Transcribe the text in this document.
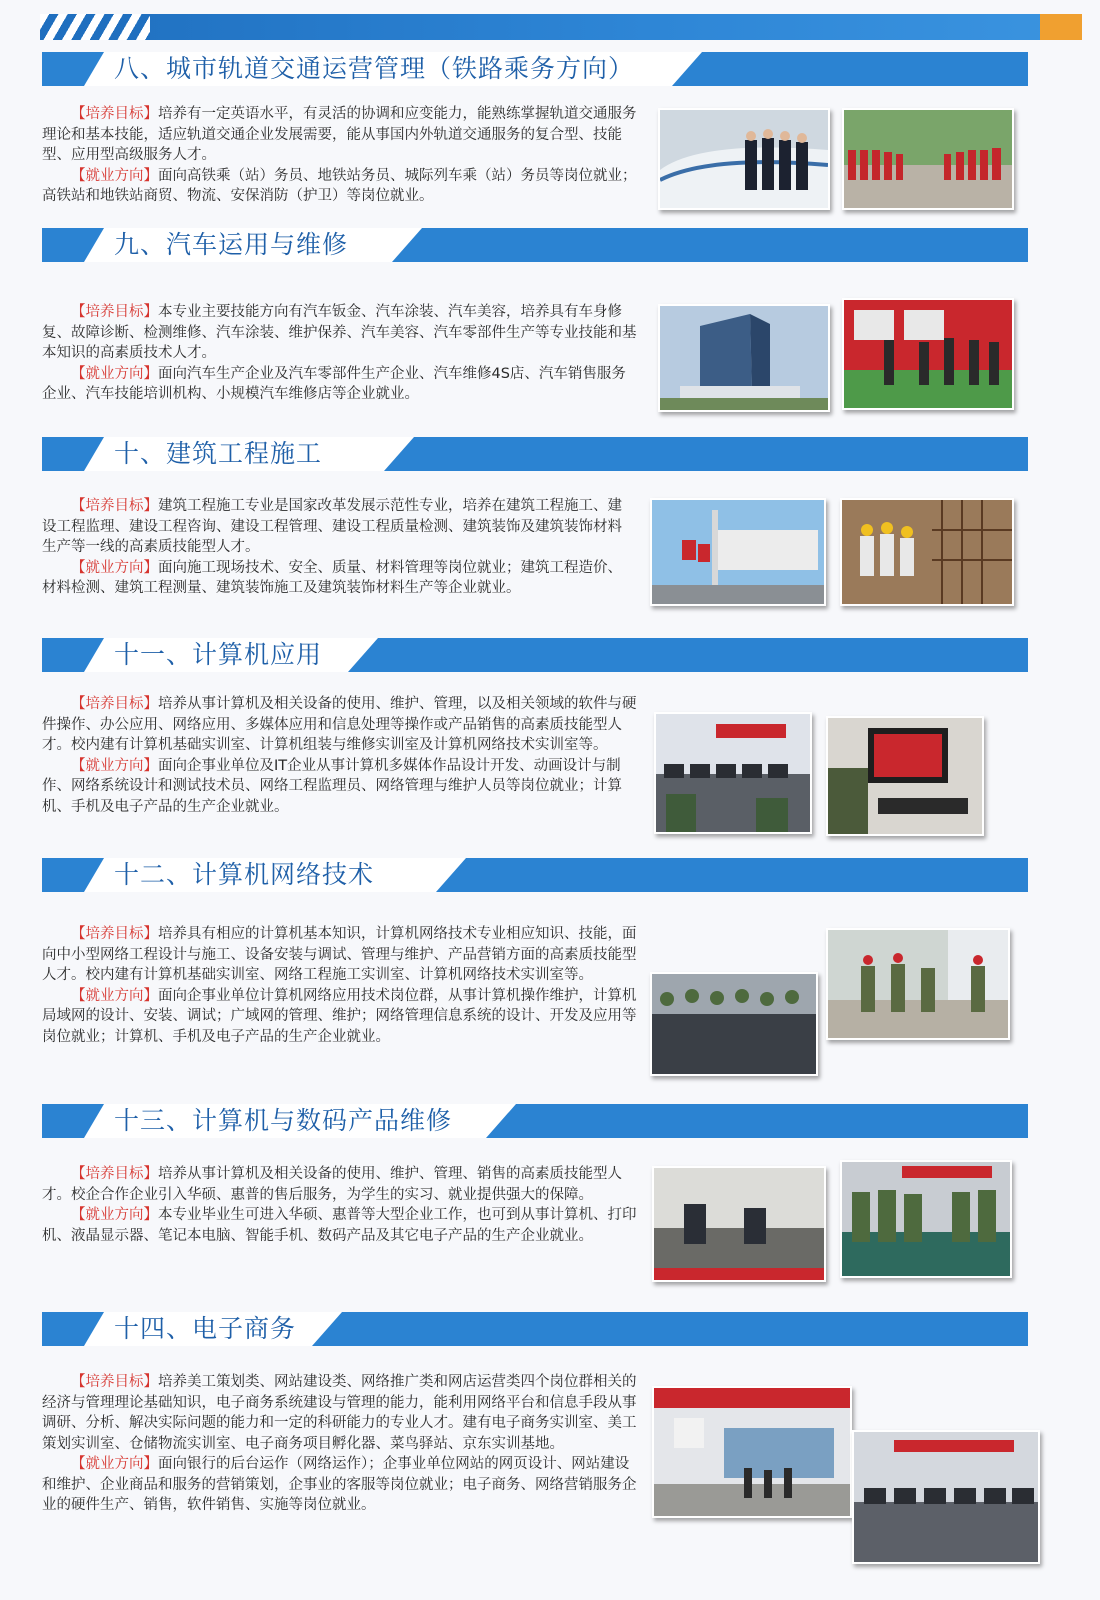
八、城市轨道交通运营管理（铁路乘务方向）

【培养目标】培养有一定英语水平，有灵活的协调和应变能力，能熟练掌握轨道交通服务理论和基本技能，适应轨道交通企业发展需要，能从事国内外轨道交通服务的复合型、技能型、应用型高级服务人才。

【就业方向】面向高铁乘（站）务员、地铁站务员、城际列车乘（站）务员等岗位就业；高铁站和地铁站商贸、物流、安保消防（护卫）等岗位就业。

九、汽车运用与维修

【培养目标】本专业主要技能方向有汽车钣金、汽车涂装、汽车美容，培养具有车身修复、故障诊断、检测维修、汽车涂装、维护保养、汽车美容、汽车零部件生产等专业技能和基本知识的高素质技术人才。

【就业方向】面向汽车生产企业及汽车零部件生产企业、汽车维修4S店、汽车销售服务企业、汽车技能培训机构、小规模汽车维修店等企业就业。

十、建筑工程施工

【培养目标】建筑工程施工专业是国家改革发展示范性专业，培养在建筑工程施工、建设工程监理、建设工程咨询、建设工程管理、建设工程质量检测、建筑装饰及建筑装饰材料生产等一线的高素质技能型人才。

【就业方向】面向施工现场技术、安全、质量、材料管理等岗位就业；建筑工程造价、材料检测、建筑工程测量、建筑装饰施工及建筑装饰材料生产等企业就业。

十一、计算机应用

【培养目标】培养从事计算机及相关设备的使用、维护、管理，以及相关领域的软件与硬件操作、办公应用、网络应用、多媒体应用和信息处理等操作或产品销售的高素质技能型人才。校内建有计算机基础实训室、计算机组装与维修实训室及计算机网络技术实训室等。

【就业方向】面向企事业单位及IT企业从事计算机多媒体作品设计开发、动画设计与制作、网络系统设计和测试技术员、网络工程监理员、网络管理与维护人员等岗位就业；计算机、手机及电子产品的生产企业就业。

十二、计算机网络技术

【培养目标】培养具有相应的计算机基本知识，计算机网络技术专业相应知识、技能，面向中小型网络工程设计与施工、设备安装与调试、管理与维护、产品营销方面的高素质技能型人才。校内建有计算机基础实训室、网络工程施工实训室、计算机网络技术实训室等。

【就业方向】面向企事业单位计算机网络应用技术岗位群，从事计算机操作维护，计算机局域网的设计、安装、调试；广域网的管理、维护；网络管理信息系统的设计、开发及应用等岗位就业；计算机、手机及电子产品的生产企业就业。

十三、计算机与数码产品维修

【培养目标】培养从事计算机及相关设备的使用、维护、管理、销售的高素质技能型人才。校企合作企业引入华硕、惠普的售后服务，为学生的实习、就业提供强大的保障。

【就业方向】本专业毕业生可进入华硕、惠普等大型企业工作，也可到从事计算机、打印机、液晶显示器、笔记本电脑、智能手机、数码产品及其它电子产品的生产企业就业。

十四、电子商务

【培养目标】培养美工策划类、网站建设类、网络推广类和网店运营类四个岗位群相关的经济与管理理论基础知识，电子商务系统建设与管理的能力，能利用网络平台和信息手段从事调研、分析、解决实际问题的能力和一定的科研能力的专业人才。建有电子商务实训室、美工策划实训室、仓储物流实训室、电子商务项目孵化器、菜鸟驿站、京东实训基地。

【就业方向】面向银行的后台运作（网络运作）；企事业单位网站的网页设计、网站建设和维护、企业商品和服务的营销策划，企事业的客服等岗位就业；电子商务、网络营销服务企业的硬件生产、销售，软件销售、实施等岗位就业。
